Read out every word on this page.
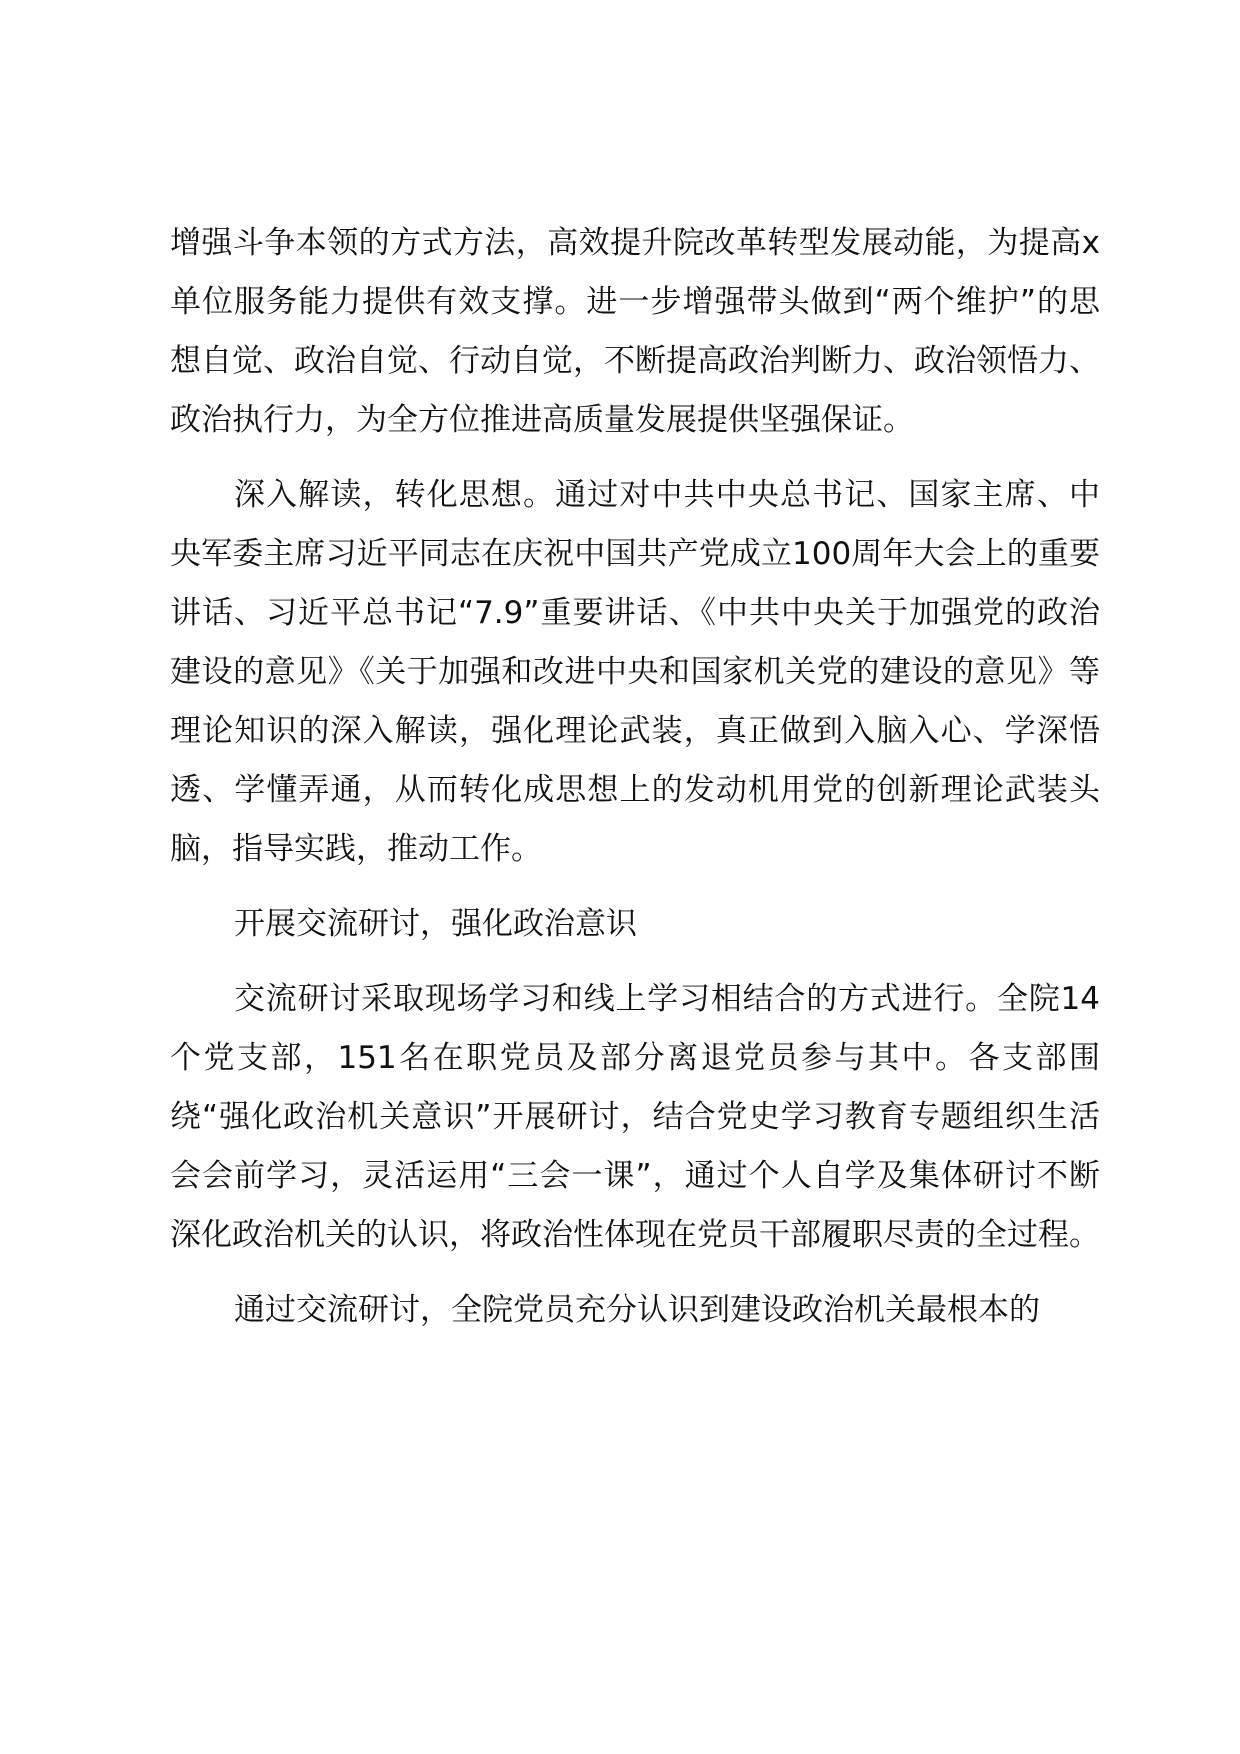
增强斗争本领的方式方法，高效提升院改革转型发展动能，为提高x单位服务能力提供有效支撑。进一步增强带头做到“两个维护”的思想自觉、政治自觉、行动自觉，不断提高政治判断力、政治领悟力、政治执行力，为全方位推进高质量发展提供坚强保证。

深入解读，转化思想。通过对中共中央总书记、国家主席、中央军委主席习近平同志在庆祝中国共产党成立100周年大会上的重要讲话、习近平总书记“7.9”重要讲话、《中共中央关于加强党的政治建设的意见》《关于加强和改进中央和国家机关党的建设的意见》等理论知识的深入解读，强化理论武装，真正做到入脑入心、学深悟透、学懂弄通，从而转化成思想上的发动机用党的创新理论武装头脑，指导实践，推动工作。

开展交流研讨，强化政治意识

交流研讨采取现场学习和线上学习相结合的方式进行。全院14个党支部，151名在职党员及部分离退党员参与其中。各支部围绕“强化政治机关意识”开展研讨，结合党史学习教育专题组织生活会会前学习，灵活运用“三会一课”，通过个人自学及集体研讨不断深化政治机关的认识，将政治性体现在党员干部履职尽责的全过程。

通过交流研讨，全院党员充分认识到建设政治机关最根本的
